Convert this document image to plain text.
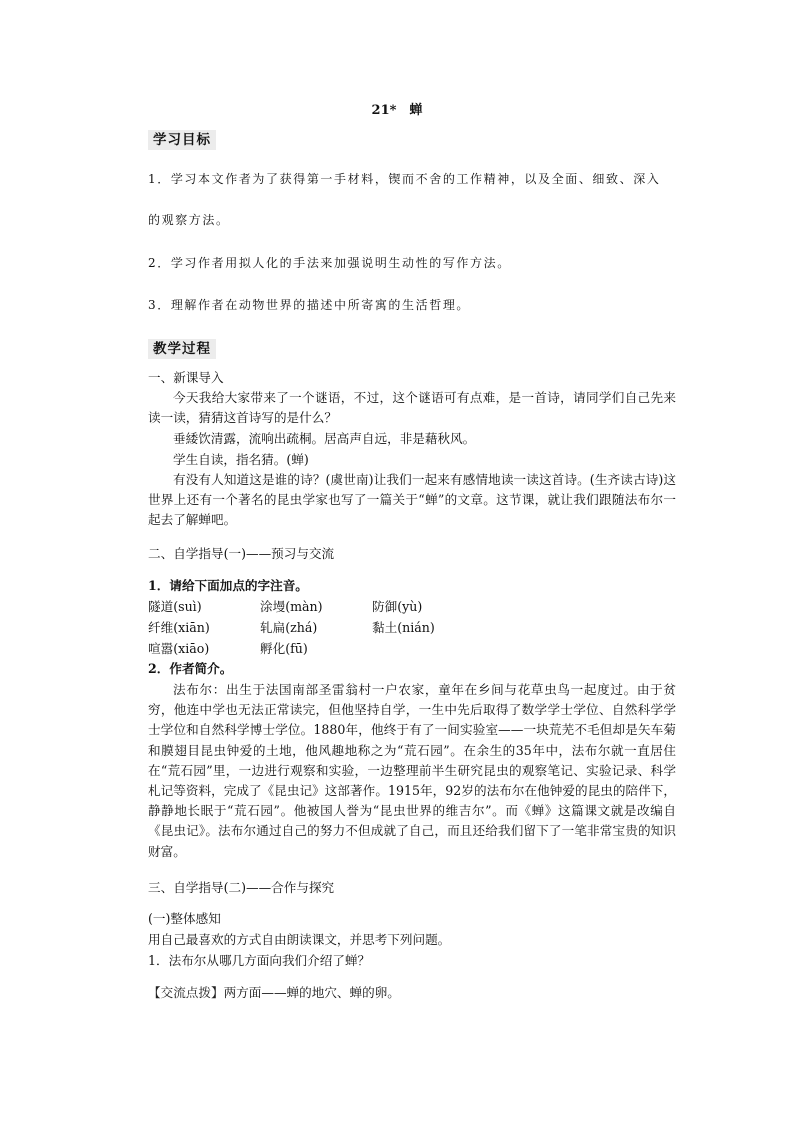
21*　蝉
学习目标
1．学习本文作者为了获得第一手材料，锲而不舍的工作精神，以及全面、细致、深入
的观察方法。
2．学习作者用拟人化的手法来加强说明生动性的写作方法。
3．理解作者在动物世界的描述中所寄寓的生活哲理。
教学过程
一、新课导入
今天我给大家带来了一个谜语，不过，这个谜语可有点难，是一首诗，请同学们自己先来读一读，猜猜这首诗写的是什么？
垂緌饮清露，流响出疏桐。居高声自远，非是藉秋风。
学生自读，指名猜。(蝉)
有没有人知道这是谁的诗？(虞世南)让我们一起来有感情地读一读这首诗。(生齐读古诗)这世界上还有一个著名的昆虫学家也写了一篇关于“蝉”的文章。这节课，就让我们跟随法布尔一起去了解蝉吧。
二、自学指导(一)——预习与交流
1．请给下面加点的字注音。
隧道(suì)	涂墁(màn)	防御(yù)
纤维(xiān)	轧扁(zhá)	黏土(nián)
喧嚣(xiāo)	孵化(fū)
2．作者简介。
法布尔：出生于法国南部圣雷翁村一户农家，童年在乡间与花草虫鸟一起度过。由于贫穷，他连中学也无法正常读完，但他坚持自学，一生中先后取得了数学学士学位、自然科学学士学位和自然科学博士学位。1880年，他终于有了一间实验室——一块荒芜不毛但却是矢车菊和膜翅目昆虫钟爱的土地，他风趣地称之为“荒石园”。在余生的35年中，法布尔就一直居住在“荒石园”里，一边进行观察和实验，一边整理前半生研究昆虫的观察笔记、实验记录、科学札记等资料，完成了《昆虫记》这部著作。1915年，92岁的法布尔在他钟爱的昆虫的陪伴下，静静地长眠于“荒石园”。他被国人誉为“昆虫世界的维吉尔”。而《蝉》这篇课文就是改编自《昆虫记》。法布尔通过自己的努力不但成就了自己，而且还给我们留下了一笔非常宝贵的知识财富。
三、自学指导(二)——合作与探究
(一)整体感知
用自己最喜欢的方式自由朗读课文，并思考下列问题。
1．法布尔从哪几方面向我们介绍了蝉？
【交流点拨】两方面——蝉的地穴、蝉的卵。
